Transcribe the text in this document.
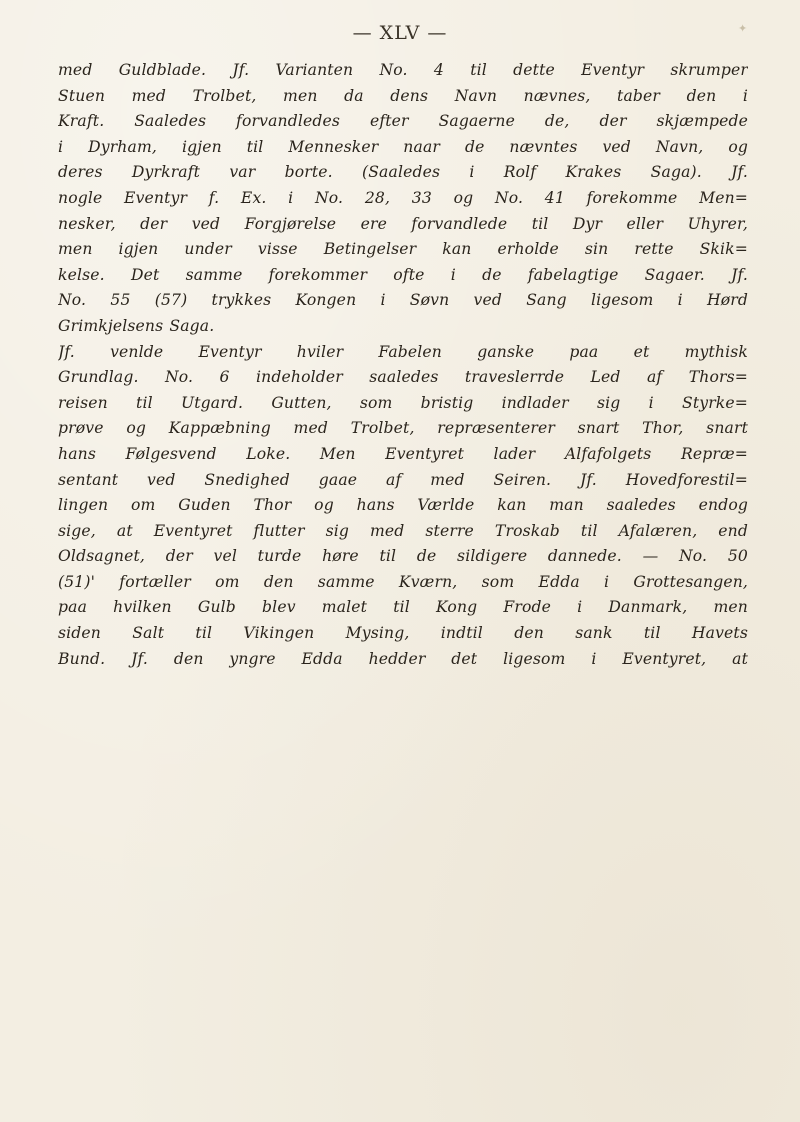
— XLV —	✦
med Guldblade. Jf. Varianten No. 4 til dette Eventyr skrumper
Stuen med Trolbet, men da dens Navn nævnes, taber den i
Kraft. Saaledes forvandledes efter Sagaerne de, der skjæmpede
i Dyrham, igjen til Mennesker naar de nævntes ved Navn, og
deres Dyrkraft var borte. (Saaledes i Rolf Krakes Saga). Jf.
nogle Eventyr f. Ex. i No. 28, 33 og No. 41 forekomme Men=
nesker, der ved Forgjørelse ere forvandlede til Dyr eller Uhyrer,
men igjen under visse Betingelser kan erholde sin rette Skik=
kelse. Det samme forekommer ofte i de fabelagtige Sagaer. Jf.
No. 55 (57) trykkes Kongen i Søvn ved Sang ligesom i Hørd
Grimkjelsens Saga.
Jf. venlde Eventyr hviler Fabelen ganske paa et mythisk
Grundlag. No. 6 indeholder saaledes traveslerrde Led af Thors=
reisen til Utgard. Gutten, som bristig indlader sig i Styrke=
prøve og Kappæbning med Trolbet, repræsenterer snart Thor, snart
hans Følgesvend Loke. Men Eventyret lader Alfafolgets Repræ=
sentant ved Snedighed gaae af med Seiren. Jf. Hovedforestil=
lingen om Guden Thor og hans Værlde kan man saaledes endog
sige, at Eventyret flutter sig med sterre Troskab til Afalæren, end
Oldsagnet, der vel turde høre til de sildigere dannede. — No. 50
(51)' fortæller om den samme Kværn, som Edda i Grottesangen,
paa hvilken Gulb blev malet til Kong Frode i Danmark, men
siden Salt til Vikingen Mysing, indtil den sank til Havets
Bund. Jf. den yngre Edda hedder det ligesom i Eventyret, at
